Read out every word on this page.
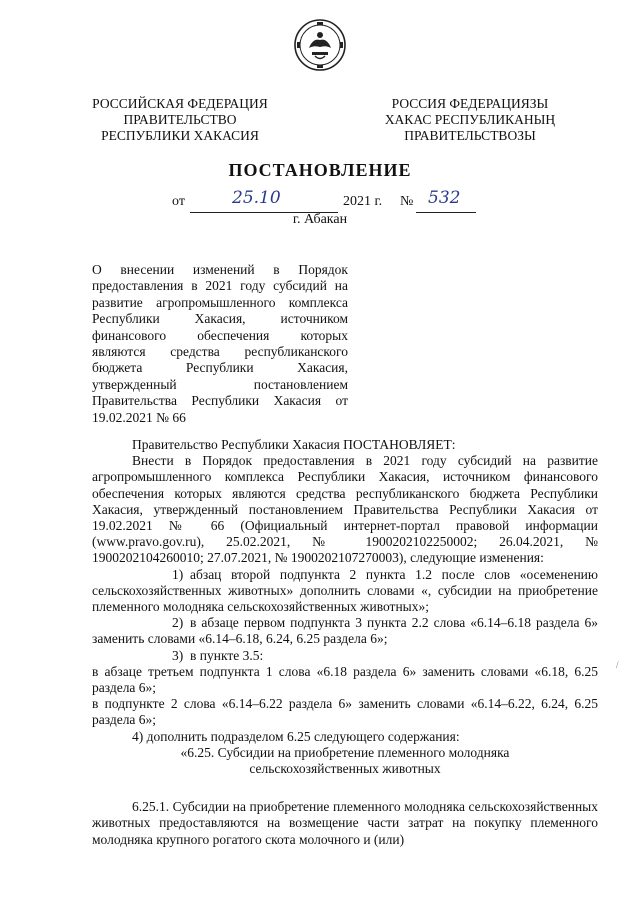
РОССИЙСКАЯ ФЕДЕРАЦИЯ
ПРАВИТЕЛЬСТВО
РЕСПУБЛИКИ ХАКАСИЯ
РОССИЯ ФЕДЕРАЦИЯЗЫ
ХАКАС РЕСПУБЛИКАНЫҢ
ПРАВИТЕЛЬСТВОЗЫ
ПОСТАНОВЛЕНИЕ
от	25.10	2021 г. № 532
г. Абакан
О внесении изменений в Порядок предоставления в 2021 году субсидий на развитие агропромышленного комплекса Республики Хакасия, источником финансового обеспечения которых являются средства республиканского бюджета Республики Хакасия, утвержденный постановлением Правительства Республики Хакасия от 19.02.2021 № 66

Правительство Республики Хакасия ПОСТАНОВЛЯЕТ:

Внести в Порядок предоставления в 2021 году субсидий на развитие агропромышленного комплекса Республики Хакасия, источником финансового обеспечения которых являются средства республиканского бюджета Республики Хакасия, утвержденный постановлением Правительства Республики Хакасия от 19.02.2021 № 66 (Официальный интернет-портал правовой информации (www.pravo.gov.ru), 25.02.2021, № 1900202102250002; 26.04.2021, № 1900202104260010; 27.07.2021, № 1900202107270003), следующие изменения:

1) абзац второй подпункта 2 пункта 1.2 после слов «осеменению сельскохозяйственных животных» дополнить словами «, субсидии на приобретение племенного молодняка сельскохозяйственных животных»;

2) в абзаце первом подпункта 3 пункта 2.2 слова «6.14–6.18 раздела 6» заменить словами «6.14–6.18, 6.24, 6.25 раздела 6»;

3) в пункте 3.5:

в абзаце третьем подпункта 1 слова «6.18 раздела 6» заменить словами «6.18, 6.25 раздела 6»;

в подпункте 2 слова «6.14–6.22 раздела 6» заменить словами «6.14–6.22, 6.24, 6.25 раздела 6»;

4) дополнить подразделом 6.25 следующего содержания:

«6.25. Субсидии на приобретение племенного молодняка

сельскохозяйственных животных

6.25.1. Субсидии на приобретение племенного молодняка сельскохозяйственных животных предоставляются на возмещение части затрат на покупку племенного молодняка крупного рогатого скота молочного и (или)

/
